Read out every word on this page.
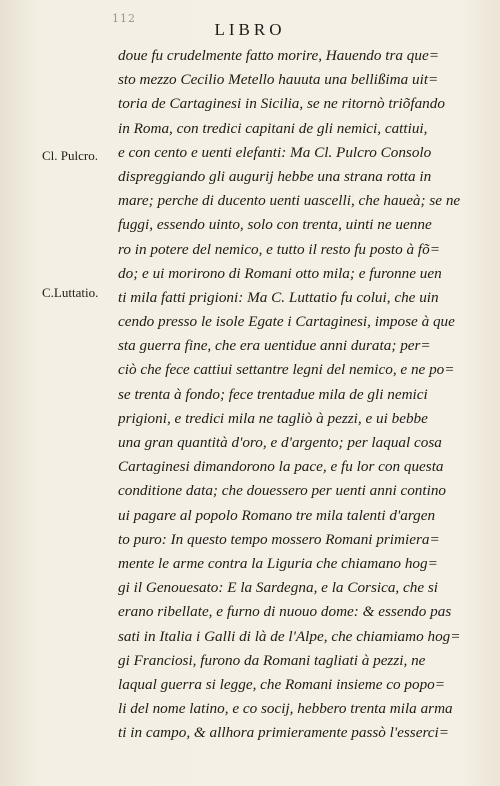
112
LIBRO
Cl. Pulcro.
C.Luttatio.
doue fu crudelmente fatto morire, Hauendo tra que=
sto mezzo Cecilio Metello hauuta una bellißima uit=
toria de Cartaginesi in Sicilia, se ne ritornò triõfando
in Roma, con tredici capitani de gli nemici, cattiui,
e con cento e uenti elefanti: Ma Cl. Pulcro Consolo
dispreggiando gli augurij hebbe una strana rotta in
mare; perche di ducento uenti uascelli, che haueà; se ne
fuggi, essendo uinto, solo con trenta, uinti ne uenne
ro in potere del nemico, e tutto il resto fu posto à fõ=
do; e ui morirono di Romani otto mila; e furonne uen
ti mila fatti prigioni: Ma C. Luttatio fu colui, che uin
cendo presso le isole Egate i Cartaginesi, impose à que
sta guerra fine, che era uentidue anni durata; per=
ciò che fece cattiui settantre legni del nemico, e ne po=
se trenta à fondo; fece trentadue mila de gli nemici
prigioni, e tredici mila ne tagliò à pezzi, e ui bebbe
una gran quantità d'oro, e d'argento; per laqual cosa
Cartaginesi dimandorono la pace, e fu lor con questa
conditione data; che douessero per uenti anni contino
ui pagare al popolo Romano tre mila talenti d'argen
to puro: In questo tempo mossero Romani primiera=
mente le arme contra la Liguria che chiamano hog=
gi il Genouesato: E la Sardegna, e la Corsica, che si
erano ribellate, e furno di nuouo dome: & essendo pas
sati in Italia i Galli di là de l'Alpe, che chiamiamo hog=
gi Franciosi, furono da Romani tagliati à pezzi, ne
laqual guerra si legge, che Romani insieme co popo=
li del nome latino, e co socij, hebbero trenta mila arma
ti in campo, & allhora primieramente passò l'esserci=
